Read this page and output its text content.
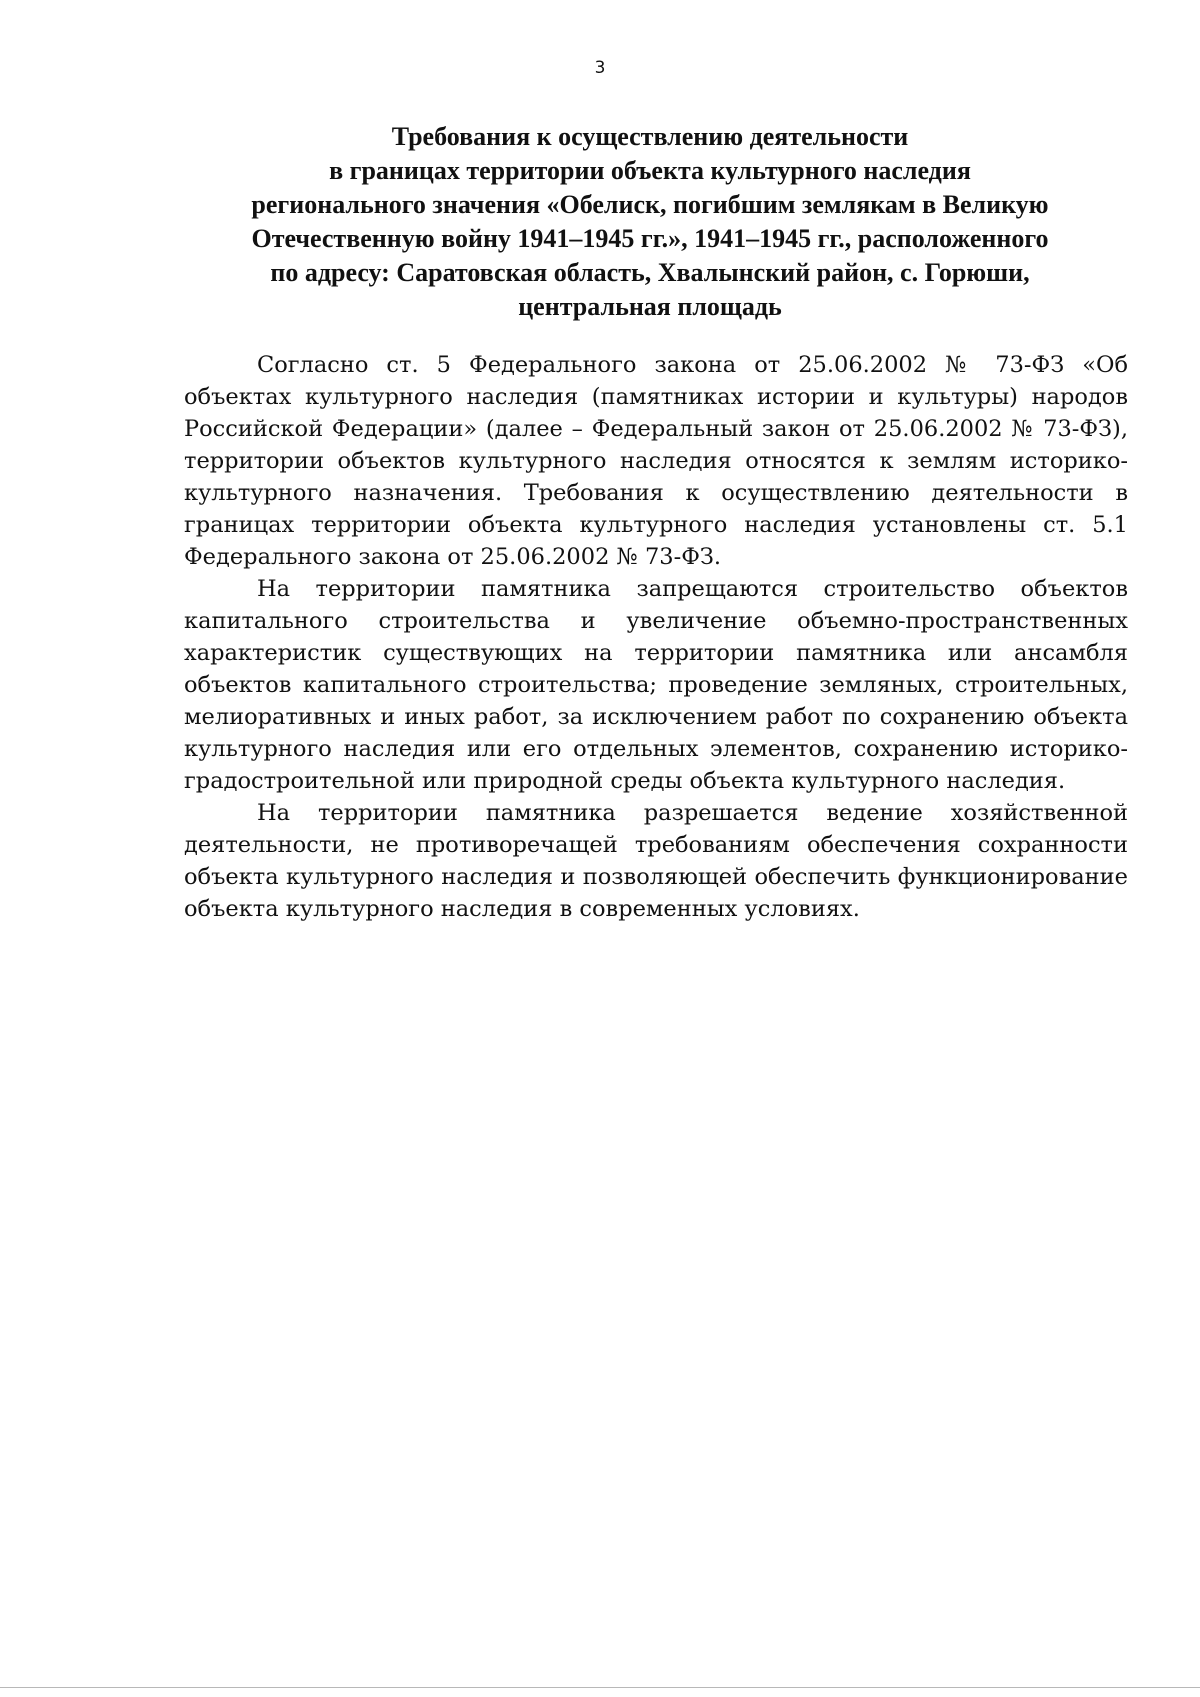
3
Требования к осуществлению деятельности
в границах территории объекта культурного наследия
регионального значения «Обелиск, погибшим землякам в Великую
Отечественную войну 1941–1945 гг.», 1941–1945 гг., расположенного
по адресу: Саратовская область, Хвалынский район, с. Горюши,
центральная площадь

Согласно ст. 5 Федерального закона от 25.06.2002 № 73-ФЗ «Об объектах культурного наследия (памятниках истории и культуры) народов Российской Федерации» (далее – Федеральный закон от 25.06.2002 № 73-ФЗ), территории объектов культурного наследия относятся к землям историко-культурного назначения. Требования к осуществлению деятельности в границах территории объекта культурного наследия установлены ст. 5.1 Федерального закона от 25.06.2002 № 73-ФЗ.

На территории памятника запрещаются строительство объектов капитального строительства и увеличение объемно-пространственных характеристик существующих на территории памятника или ансамбля объектов капитального строительства; проведение земляных, строительных, мелиоративных и иных работ, за исключением работ по сохранению объекта культурного наследия или его отдельных элементов, сохранению историко-градостроительной или природной среды объекта культурного наследия.

На территории памятника разрешается ведение хозяйственной деятельности, не противоречащей требованиям обеспечения сохранности объекта культурного наследия и позволяющей обеспечить функционирование объекта культурного наследия в современных условиях.
